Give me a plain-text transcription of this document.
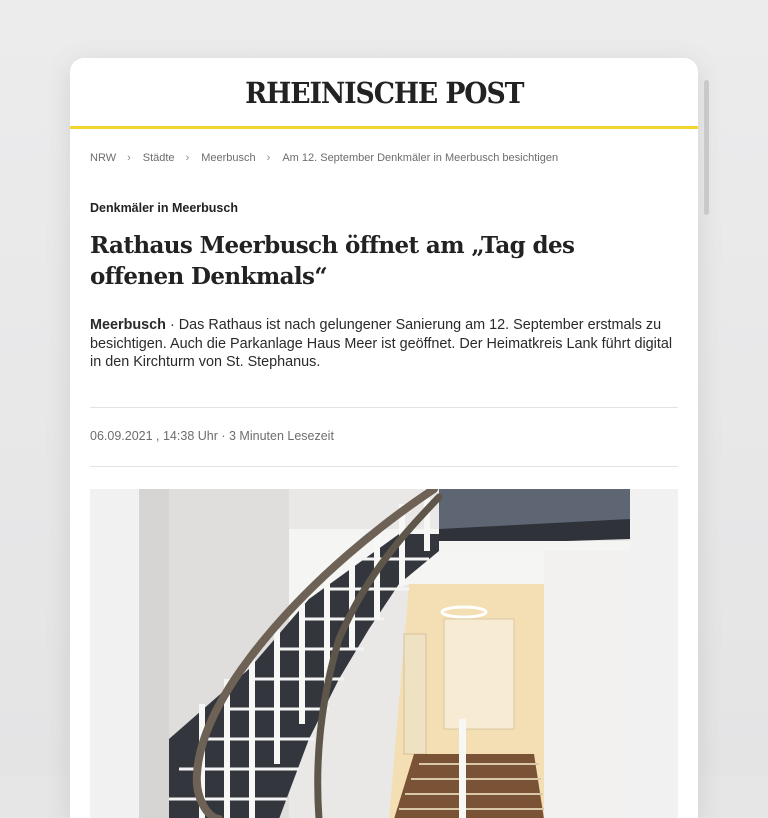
RHEINISCHE POST
NRW › Städte › Meerbusch › Am 12. September Denkmäler in Meerbusch besichtigen
Denkmäler in Meerbusch
Rathaus Meerbusch öffnet am „Tag des offenen Denkmals“

Meerbusch · Das Rathaus ist nach gelungener Sanierung am 12. September erstmals zu besichtigen. Auch die Parkanlage Haus Meer ist geöffnet. Der Heimatkreis Lank führt digital in den Kirchturm von St. Stephanus.

06.09.2021 , 14:38 Uhr · 3 Minuten Lesezeit
